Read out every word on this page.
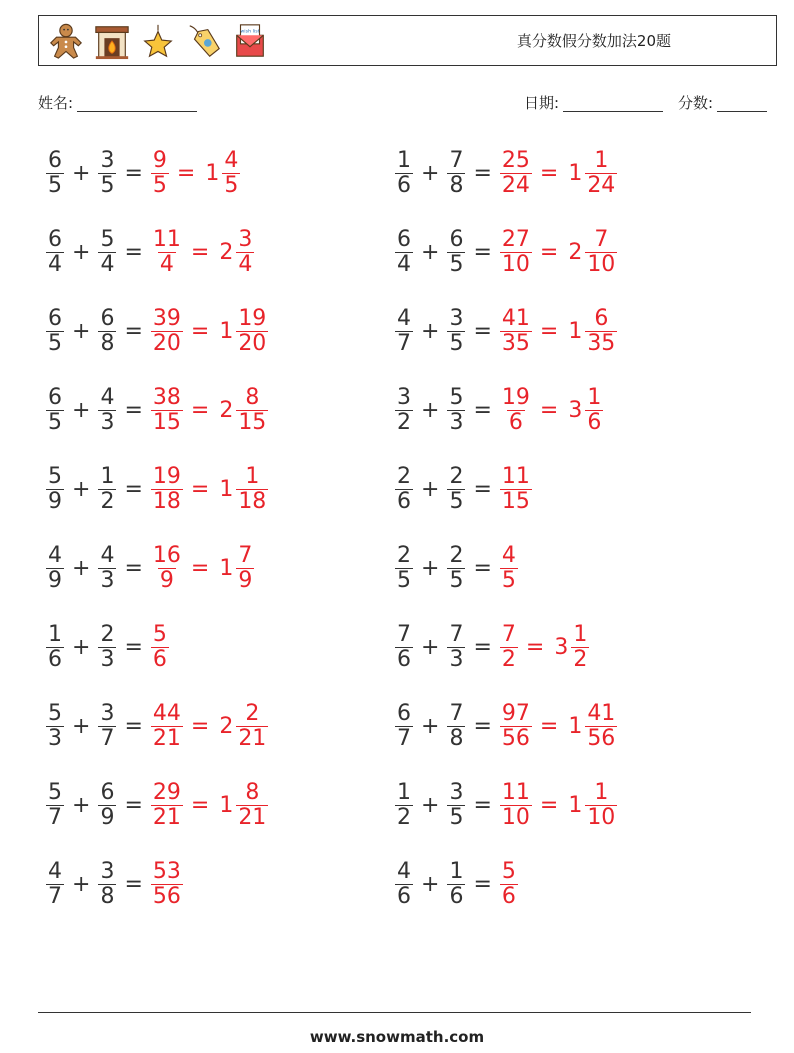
wish list
真分数假分数加法20题
姓名:	日期:	分数:
$\frac{6}{5} + \frac{3}{5} = \frac{9}{5} = 1 \frac{4}{5}$	$\frac{1}{6} + \frac{7}{8} = \frac{25}{24} = 1 \frac{1}{24}$
$\frac{6}{4} + \frac{5}{4} = \frac{11}{4} = 2 \frac{3}{4}$	$\frac{6}{4} + \frac{6}{5} = \frac{27}{10} = 2 \frac{7}{10}$
$\frac{6}{5} + \frac{6}{8} = \frac{39}{20} = 1 \frac{19}{20}$	$\frac{4}{7} + \frac{3}{5} = \frac{41}{35} = 1 \frac{6}{35}$
$\frac{6}{5} + \frac{4}{3} = \frac{38}{15} = 2 \frac{8}{15}$	$\frac{3}{2} + \frac{5}{3} = \frac{19}{6} = 3 \frac{1}{6}$
$\frac{5}{9} + \frac{1}{2} = \frac{19}{18} = 1 \frac{1}{18}$	$\frac{2}{6} + \frac{2}{5} = \frac{11}{15}$
$\frac{4}{9} + \frac{4}{3} = \frac{16}{9} = 1 \frac{7}{9}$	$\frac{2}{5} + \frac{2}{5} = \frac{4}{5}$
$\frac{1}{6} + \frac{2}{3} = \frac{5}{6}$	$\frac{7}{6} + \frac{7}{3} = \frac{7}{2} = 3 \frac{1}{2}$
$\frac{5}{3} + \frac{3}{7} = \frac{44}{21} = 2 \frac{2}{21}$	$\frac{6}{7} + \frac{7}{8} = \frac{97}{56} = 1 \frac{41}{56}$
$\frac{5}{7} + \frac{6}{9} = \frac{29}{21} = 1 \frac{8}{21}$	$\frac{1}{2} + \frac{3}{5} = \frac{11}{10} = 1 \frac{1}{10}$
$\frac{4}{7} + \frac{3}{8} = \frac{53}{56}$	$\frac{4}{6} + \frac{1}{6} = \frac{5}{6}$
www.snowmath.com
